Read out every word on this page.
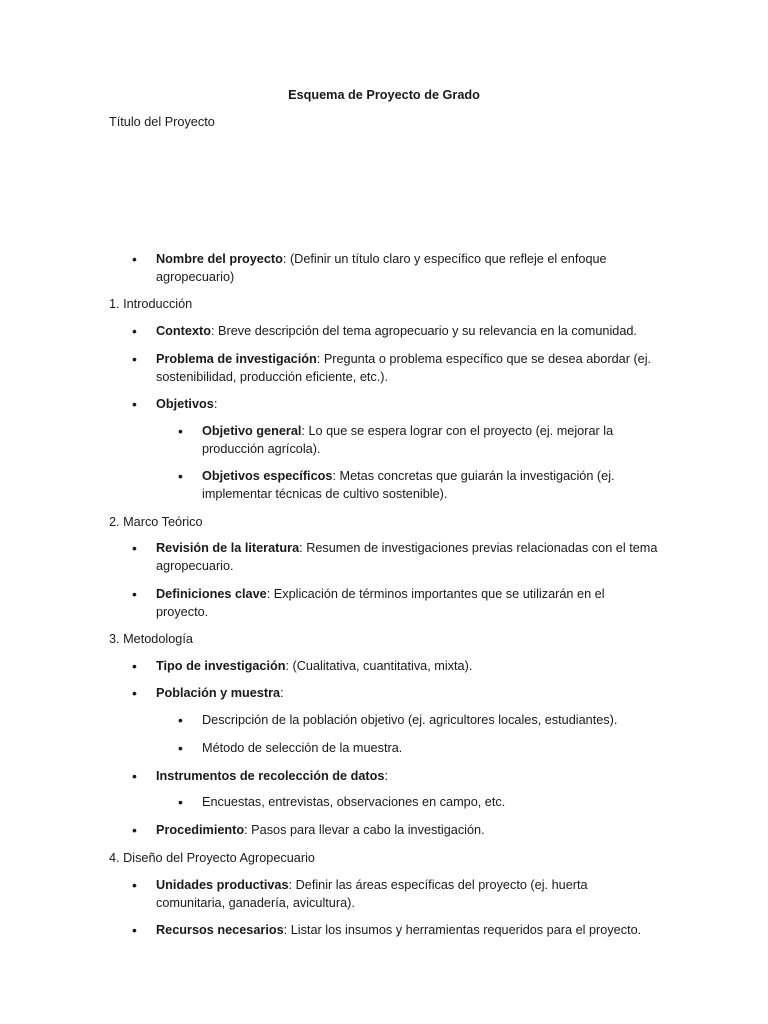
Esquema de Proyecto de Grado
Título del Proyecto
• Nombre del proyecto: (Definir un título claro y específico que refleje el enfoque
agropecuario)
1. Introducción
• Contexto: Breve descripción del tema agropecuario y su relevancia en la comunidad.
• Problema de investigación: Pregunta o problema específico que se desea abordar (ej.
sostenibilidad, producción eficiente, etc.).
• Objetivos:
• Objetivo general: Lo que se espera lograr con el proyecto (ej. mejorar la
producción agrícola).
• Objetivos específicos: Metas concretas que guiarán la investigación (ej.
implementar técnicas de cultivo sostenible).
2. Marco Teórico
• Revisión de la literatura: Resumen de investigaciones previas relacionadas con el tema
agropecuario.
• Definiciones clave: Explicación de términos importantes que se utilizarán en el
proyecto.
3. Metodología
• Tipo de investigación: (Cualitativa, cuantitativa, mixta).
• Población y muestra:
• Descripción de la población objetivo (ej. agricultores locales, estudiantes).
• Método de selección de la muestra.
• Instrumentos de recolección de datos:
• Encuestas, entrevistas, observaciones en campo, etc.
• Procedimiento: Pasos para llevar a cabo la investigación.
4. Diseño del Proyecto Agropecuario
• Unidades productivas: Definir las áreas específicas del proyecto (ej. huerta
comunitaria, ganadería, avicultura).
• Recursos necesarios: Listar los insumos y herramientas requeridos para el proyecto.
